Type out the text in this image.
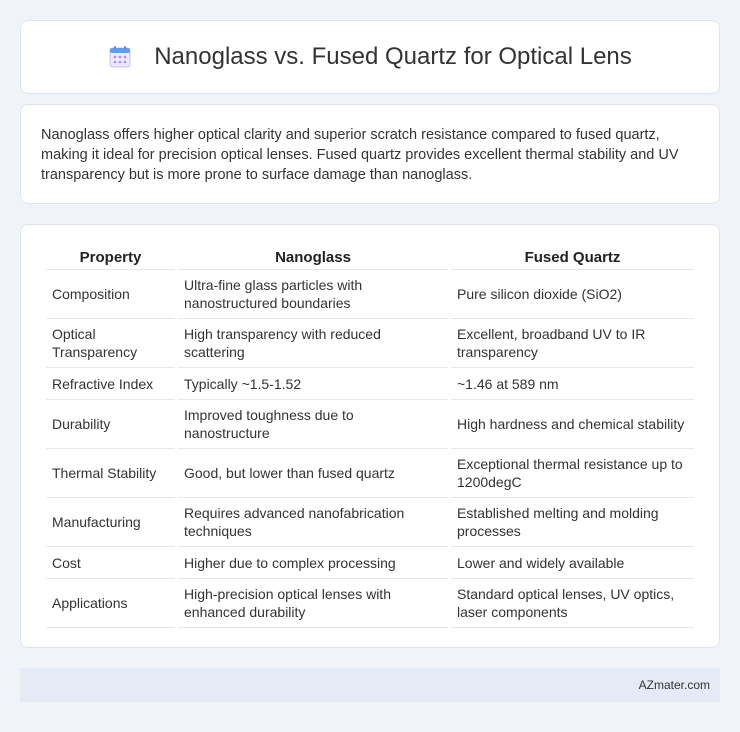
Nanoglass vs. Fused Quartz for Optical Lens

Nanoglass offers higher optical clarity and superior scratch resistance compared to fused quartz, making it ideal for precision optical lenses. Fused quartz provides excellent thermal stability and UV transparency but is more prone to surface damage than nanoglass.

Property	Nanoglass	Fused Quartz
Composition	Ultra-fine glass particles with nanostructured boundaries	Pure silicon dioxide (SiO2)
Optical Transparency	High transparency with reduced scattering	Excellent, broadband UV to IR transparency
Refractive Index	Typically ~1.5-1.52	~1.46 at 589 nm
Durability	Improved toughness due to nanostructure	High hardness and chemical stability
Thermal Stability	Good, but lower than fused quartz	Exceptional thermal resistance up to 1200degC
Manufacturing	Requires advanced nanofabrication techniques	Established melting and molding processes
Cost	Higher due to complex processing	Lower and widely available
Applications	High-precision optical lenses with enhanced durability	Standard optical lenses, UV optics, laser components
AZmater.com
